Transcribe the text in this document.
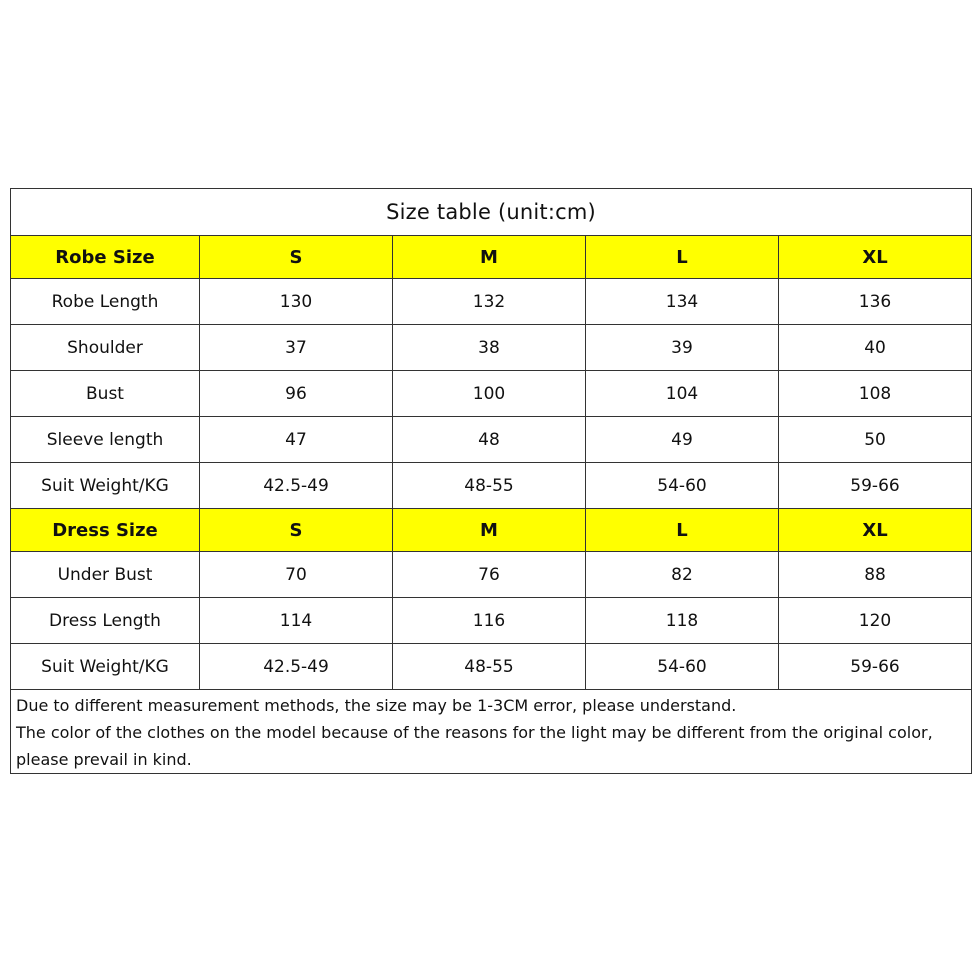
Size table (unit:cm)				
Robe Size	S	M	L	XL
Robe Length	130	132	134	136
Shoulder	37	38	39	40
Bust	96	100	104	108
Sleeve length	47	48	49	50
Suit Weight/KG	42.5-49	48-55	54-60	59-66
Dress Size	S	M	L	XL
Under Bust	70	76	82	88
Dress Length	114	116	118	120
Suit Weight/KG	42.5-49	48-55	54-60	59-66

Due to different measurement methods, the size may be 1-3CM error, please understand.
The color of the clothes on the model because of the reasons for the light may be different from the original color, please prevail in kind.				
